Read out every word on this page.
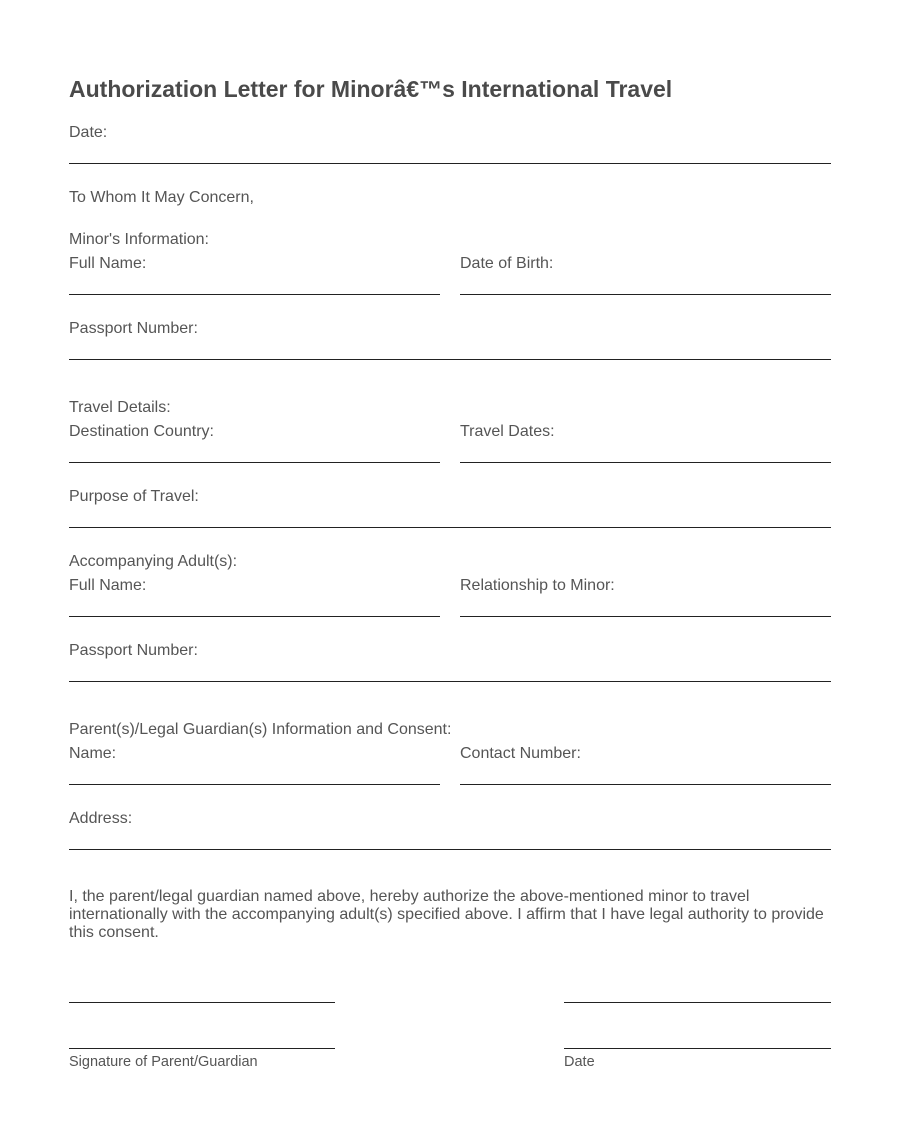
Authorization Letter for Minorâ€™s International Travel
Date:
To Whom It May Concern,
Minor's Information:
Full Name:	Date of Birth:
Passport Number:
Travel Details:
Destination Country:	Travel Dates:
Purpose of Travel:
Accompanying Adult(s):
Full Name:	Relationship to Minor:
Passport Number:
Parent(s)/Legal Guardian(s) Information and Consent:
Name:	Contact Number:
Address:

I, the parent/legal guardian named above, hereby authorize the above-mentioned minor to travel internationally with the accompanying adult(s) specified above. I affirm that I have legal authority to provide this consent.

Signature of Parent/Guardian	Date
